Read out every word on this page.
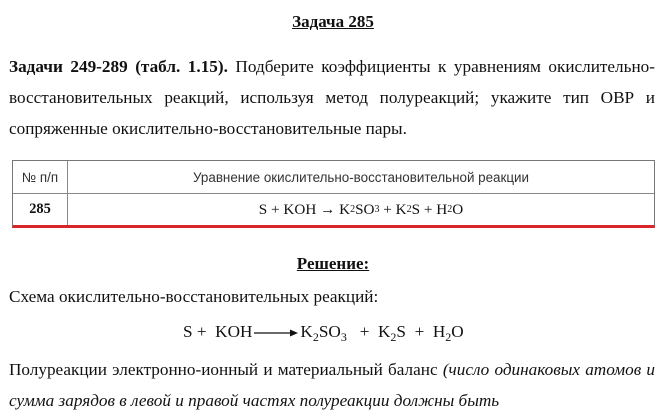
Задача 285
Задачи 249-289 (табл. 1.15). Подберите коэффициенты к уравнениям окислительно-восстановительных реакций, используя метод полуреакций; укажите тип ОВР и сопряженные окислительно-восстановительные пары.
№ п/п	Уравнение окислительно-восстановительной реакции
285	S + KOH
→
K 2 SO 3 + K 2 S + H 2 O
Решение:
Схема окислительно-восстановительных реакций:
S + KOH → $K_2SO_3 + K_2S + H_2O$
Полуреакции электронно-ионный и материальный баланс (число одинаковых атомов и сумма зарядов в левой и правой частях полуреакции должны быть
